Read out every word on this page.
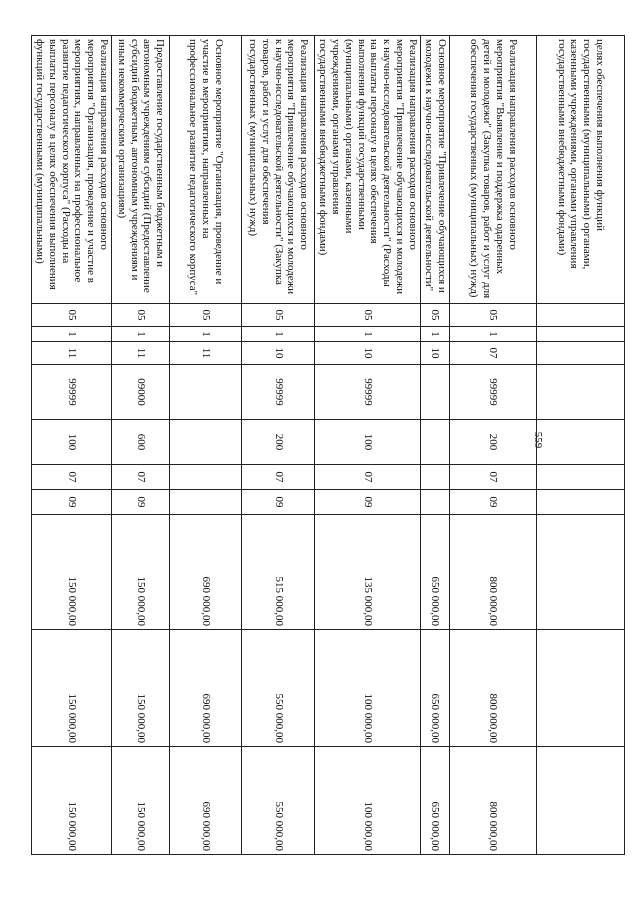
559
целях обеспечения выполнения функций государственными (муниципальными) органами, казенными учреждениями, органами управления государственными внебюджетными фондами)										
Реализация направления расходов основного мероприятия "Выявление и поддержка одаренных детей и молодежи" (Закупка товаров, работ и услуг для обеспечения государственных (муниципальных) нужд)	05	1	07	99999	200	07	09	800 000,00	800 000,00	800 000,00
Основное мероприятие "Привлечение обучающихся и молодежи к научно-исследовательской деятельности"	05	1	10					650 000,00	650 000,00	650 000,00
Реализация направления расходов основного мероприятия "Привлечение обучающихся и молодежи к научно-исследовательской деятельности" (Расходы на выплаты персоналу в целях обеспечения выполнения функций государственными (муниципальными) органами, казенными учреждениями, органами управления государственными внебюджетными фондами)	05	1	10	99999	100	07	09	135 000,00	100 000,00	100 000,00
Реализация направления расходов основного мероприятия "Привлечение обучающихся и молодежи к научно-исследовательской деятельности" (Закупка товаров, работ и услуг для обеспечения государственных (муниципальных) нужд)	05	1	10	99999	200	07	09	515 000,00	550 000,00	550 000,00
Основное мероприятие "Организация, проведение и участие в мероприятиях, направленных на профессиональное развитие педагогического корпуса"	05	1	11					690 000,00	690 000,00	690 000,00
Предоставление государственным бюджетным и автономным учреждениям субсидий (Предоставление субсидий бюджетным, автономным учреждениям и иным некоммерческим организациям)	05	1	11	09000	600	07	09	150 000,00	150 000,00	150 000,00
Реализация направления расходов основного мероприятия "Организация, проведение и участие в мероприятиях, направленных на профессиональное развитие педагогического корпуса" (Расходы на выплаты персоналу в целях обеспечения выполнения функций государственными (муниципальными)	05	1	11	99999	100	07	09	150 000,00	150 000,00	150 000,00
